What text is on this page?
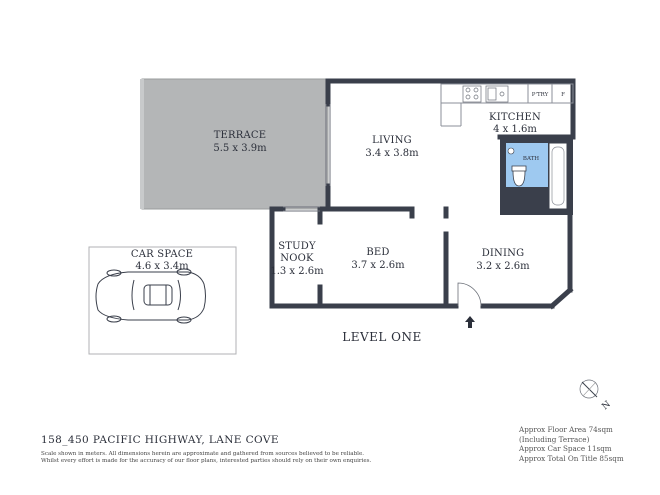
N
TERRACE
5.5 x 3.9m
LIVING
3.4 x 3.8m
KITCHEN
4 x 1.6m
P'TRY F
BATH
STUDY
NOOK
1.3 x 2.6m
BED
3.7 x 2.6m
DINING
3.2 x 2.6m
CAR SPACE
4.6 x 3.4m
LEVEL ONE
158_450 PACIFIC HIGHWAY, LANE COVE
Scale shown in meters. All dimensions herein are approximate and gathered from sources believed to be reliable.
Whilst every effort is made for the accuracy of our floor plans, interested parties should rely on their own enquiries.
Approx Floor Area 74sqm
(Including Terrace)
Approx Car Space 11sqm
Approx Total On Title 85sqm
